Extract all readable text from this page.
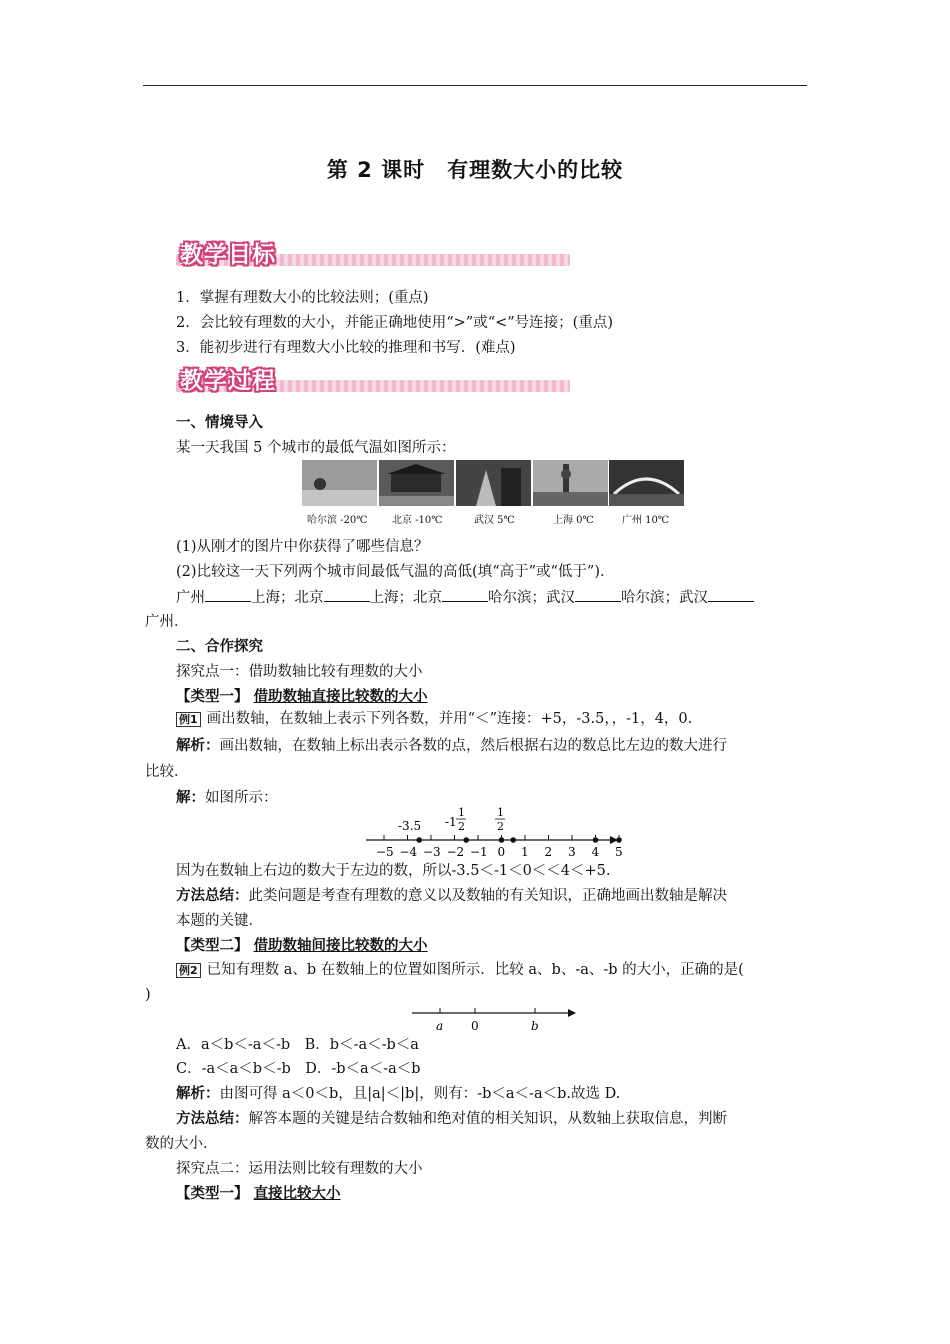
第 2 课时　有理数大小的比较
教学目标
1．掌握有理数大小的比较法则；(重点)
2．会比较有理数的大小，并能正确地使用“>”或“<”号连接；(重点)
3．能初步进行有理数大小比较的推理和书写．(难点)
教学过程
一、情境导入
某一天我国 5 个城市的最低气温如图所示：
哈尔滨 -20℃ 北京 -10℃	武汉 5℃	上海 0℃	广州 10℃
(1)从刚才的图片中你获得了哪些信息？
(2)比较这一天下列两个城市间最低气温的高低(填“高于”或“低于”)．
广州	上海；北京	上海；北京	哈尔滨；武汉	哈尔滨；武汉
广州．
二、合作探究
探究点一：借助数轴比较有理数的大小
【类型一】 借助数轴直接比较数的大小
例1 画出数轴，在数轴上表示下列各数，并用“＜”连接：+5，-3.5，，-1，4，0.
解析：画出数轴，在数轴上标出表示各数的点，然后根据右边的数总比左边的数大进行
比较．
解：如图所示：
−5 −4 −3 −2 −1 0 1 2 3 4 5
-3.5 -1
1
2
1
2
因为在数轴上右边的数大于左边的数，所以-3.5＜-1＜0＜＜4＜+5.
方法总结：此类问题是考查有理数的意义以及数轴的有关知识，正确地画出数轴是解决
本题的关键．
【类型二】 借助数轴间接比较数的大小
例2 已知有理数 a、b 在数轴上的位置如图所示．比较 a、b、-a、-b 的大小，正确的是(
)
a 0	b
A．a＜b＜-a＜-b　B．b＜-a＜-b＜a
C．-a＜a＜b＜-b　D．-b＜a＜-a＜b
解析：由图可得 a＜0＜b，且|a|＜|b|，则有：-b＜a＜-a＜b.故选 D.
方法总结：解答本题的关键是结合数轴和绝对值的相关知识，从数轴上获取信息，判断
数的大小．
探究点二：运用法则比较有理数的大小
【类型一】 直接比较大小
